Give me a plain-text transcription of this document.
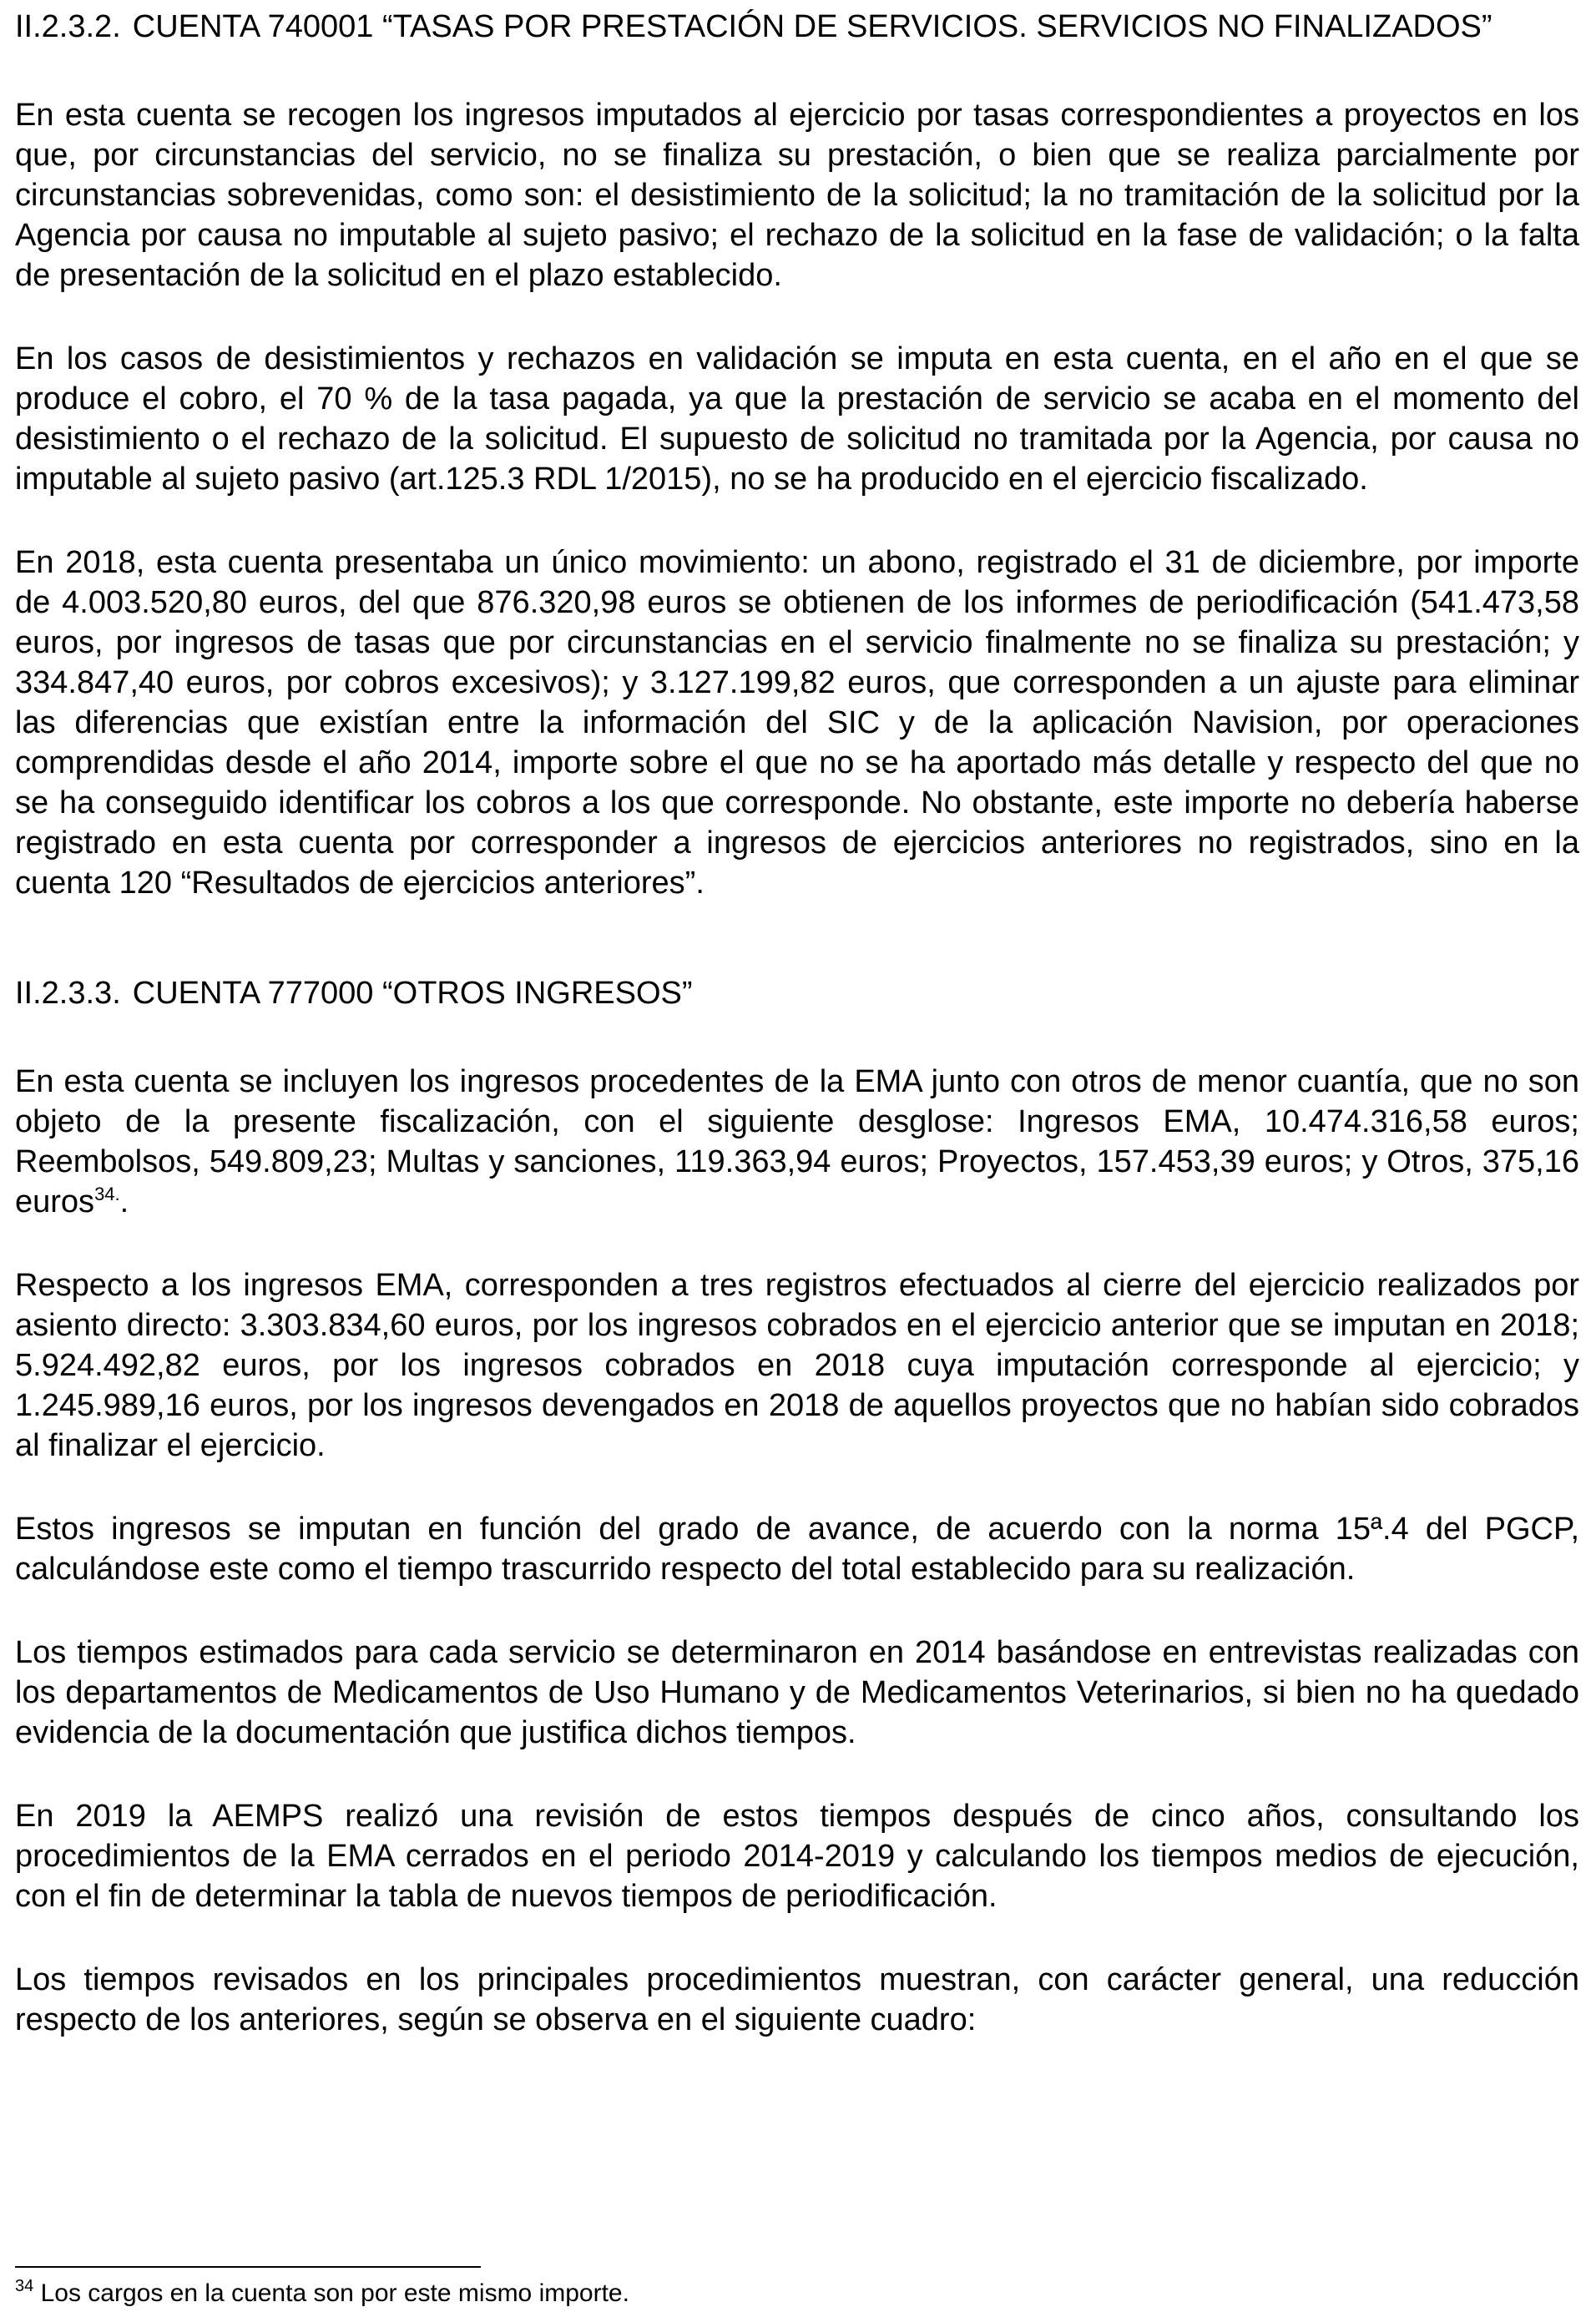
II.2.3.2. CUENTA 740001 “TASAS POR PRESTACIÓN DE SERVICIOS. SERVICIOS NO FINALIZADOS”

En esta cuenta se recogen los ingresos imputados al ejercicio por tasas correspondientes a proyectos en los que, por circunstancias del servicio, no se finaliza su prestación, o bien que se realiza parcialmente por circunstancias sobrevenidas, como son: el desistimiento de la solicitud; la no tramitación de la solicitud por la Agencia por causa no imputable al sujeto pasivo; el rechazo de la solicitud en la fase de validación; o la falta de presentación de la solicitud en el plazo establecido.

En los casos de desistimientos y rechazos en validación se imputa en esta cuenta, en el año en el que se produce el cobro, el 70 % de la tasa pagada, ya que la prestación de servicio se acaba en el momento del desistimiento o el rechazo de la solicitud. El supuesto de solicitud no tramitada por la Agencia, por causa no imputable al sujeto pasivo (art.125.3 RDL 1/2015), no se ha producido en el ejercicio fiscalizado.

En 2018, esta cuenta presentaba un único movimiento: un abono, registrado el 31 de diciembre, por importe de 4.003.520,80 euros, del que 876.320,98 euros se obtienen de los informes de periodificación (541.473,58 euros, por ingresos de tasas que por circunstancias en el servicio finalmente no se finaliza su prestación; y 334.847,40 euros, por cobros excesivos); y 3.127.199,82 euros, que corresponden a un ajuste para eliminar las diferencias que existían entre la información del SIC y de la aplicación Navision, por operaciones comprendidas desde el año 2014, importe sobre el que no se ha aportado más detalle y respecto del que no se ha conseguido identificar los cobros a los que corresponde. No obstante, este importe no debería haberse registrado en esta cuenta por corresponder a ingresos de ejercicios anteriores no registrados, sino en la cuenta 120 “Resultados de ejercicios anteriores”.

II.2.3.3. CUENTA 777000 “OTROS INGRESOS”

En esta cuenta se incluyen los ingresos procedentes de la EMA junto con otros de menor cuantía, que no son objeto de la presente fiscalización, con el siguiente desglose: Ingresos EMA, 10.474.316,58 euros; Reembolsos, 549.809,23; Multas y sanciones, 119.363,94 euros; Proyectos, 157.453,39 euros; y Otros, 375,16 euros$^{34.}$.

Respecto a los ingresos EMA, corresponden a tres registros efectuados al cierre del ejercicio realizados por asiento directo: 3.303.834,60 euros, por los ingresos cobrados en el ejercicio anterior que se imputan en 2018; 5.924.492,82 euros, por los ingresos cobrados en 2018 cuya imputación corresponde al ejercicio; y 1.245.989,16 euros, por los ingresos devengados en 2018 de aquellos proyectos que no habían sido cobrados al finalizar el ejercicio.

Estos ingresos se imputan en función del grado de avance, de acuerdo con la norma 15ª.4 del PGCP, calculándose este como el tiempo trascurrido respecto del total establecido para su realización.

Los tiempos estimados para cada servicio se determinaron en 2014 basándose en entrevistas realizadas con los departamentos de Medicamentos de Uso Humano y de Medicamentos Veterinarios, si bien no ha quedado evidencia de la documentación que justifica dichos tiempos.

En 2019 la AEMPS realizó una revisión de estos tiempos después de cinco años, consultando los procedimientos de la EMA cerrados en el periodo 2014-2019 y calculando los tiempos medios de ejecución, con el fin de determinar la tabla de nuevos tiempos de periodificación.

Los tiempos revisados en los principales procedimientos muestran, con carácter general, una reducción respecto de los anteriores, según se observa en el siguiente cuadro:

$^{34}$ Los cargos en la cuenta son por este mismo importe.
